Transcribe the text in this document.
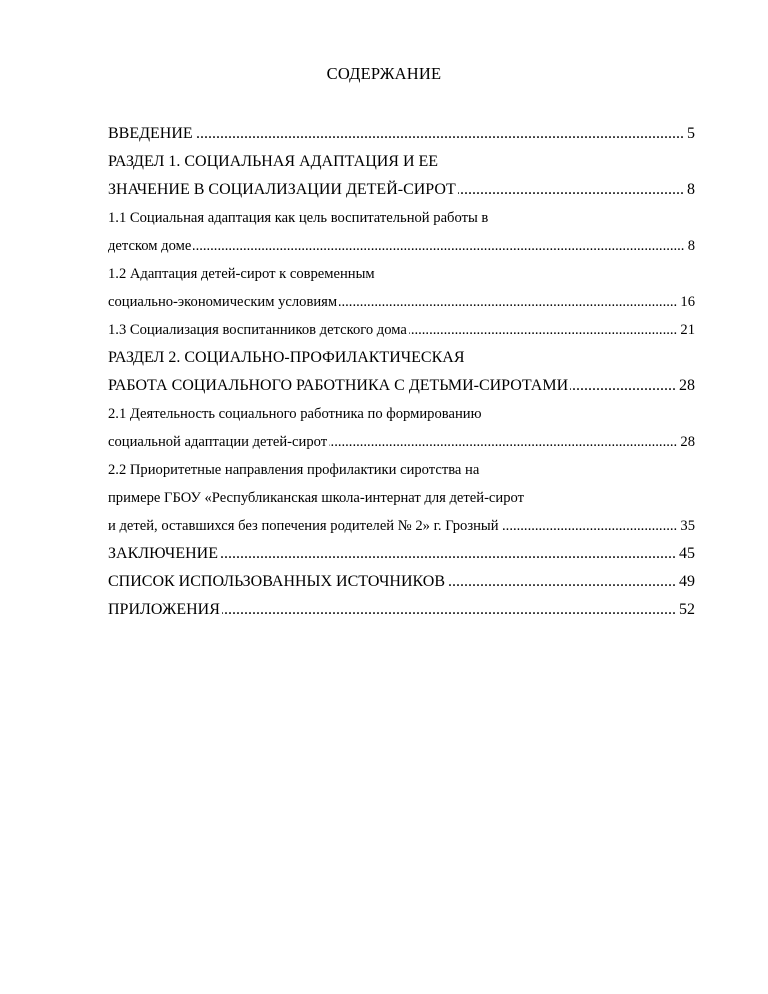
СОДЕРЖАНИЕ
ВВЕДЕНИЕ	5
.....
РАЗДЕЛ 1. СОЦИАЛЬНАЯ АДАПТАЦИЯ И ЕЕ
ЗНАЧЕНИЕ В СОЦИАЛИЗАЦИИ ДЕТЕЙ-СИРОТ	8
.....
1.1 Социальная адаптация как цель воспитательной работы в
детском доме	8
.....
1.2 Адаптация детей-сирот к современным
социально-экономическим условиям	16
.....
1.3 Социализация воспитанников детского дома	21
.....
РАЗДЕЛ 2. СОЦИАЛЬНО-ПРОФИЛАКТИЧЕСКАЯ
РАБОТА СОЦИАЛЬНОГО РАБОТНИКА С ДЕТЬМИ-СИРОТАМИ	28
.....
2.1 Деятельность социального работника по формированию
социальной адаптации детей-сирот	28
.....
2.2 Приоритетные направления профилактики сиротства на
примере ГБОУ «Республиканская школа-интернат для детей-сирот
и детей, оставшихся без попечения родителей № 2» г. Грозный	35
.....
ЗАКЛЮЧЕНИЕ	45
.....
СПИСОК ИСПОЛЬЗОВАННЫХ ИСТОЧНИКОВ	49
.....
ПРИЛОЖЕНИЯ	52
.....
